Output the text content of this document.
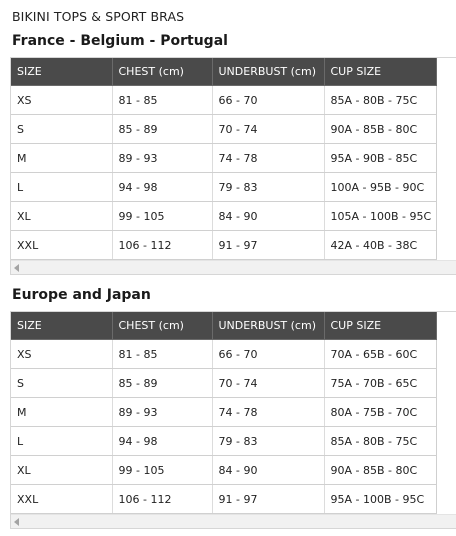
BIKINI TOPS & SPORT BRAS
France - Belgium - Portugal
SIZE	CHEST (cm)	UNDERBUST (cm)	CUP SIZE
XS	81 - 85	66 - 70	85A - 80B - 75C
S	85 - 89	70 - 74	90A - 85B - 80C
M	89 - 93	74 - 78	95A - 90B - 85C
L	94 - 98	79 - 83	100A - 95B - 90C
XL	99 - 105	84 - 90	105A - 100B - 95C
XXL	106 - 112	91 - 97	42A - 40B - 38C
Europe and Japan
SIZE	CHEST (cm)	UNDERBUST (cm)	CUP SIZE
XS	81 - 85	66 - 70	70A - 65B - 60C
S	85 - 89	70 - 74	75A - 70B - 65C
M	89 - 93	74 - 78	80A - 75B - 70C
L	94 - 98	79 - 83	85A - 80B - 75C
XL	99 - 105	84 - 90	90A - 85B - 80C
XXL	106 - 112	91 - 97	95A - 100B - 95C
